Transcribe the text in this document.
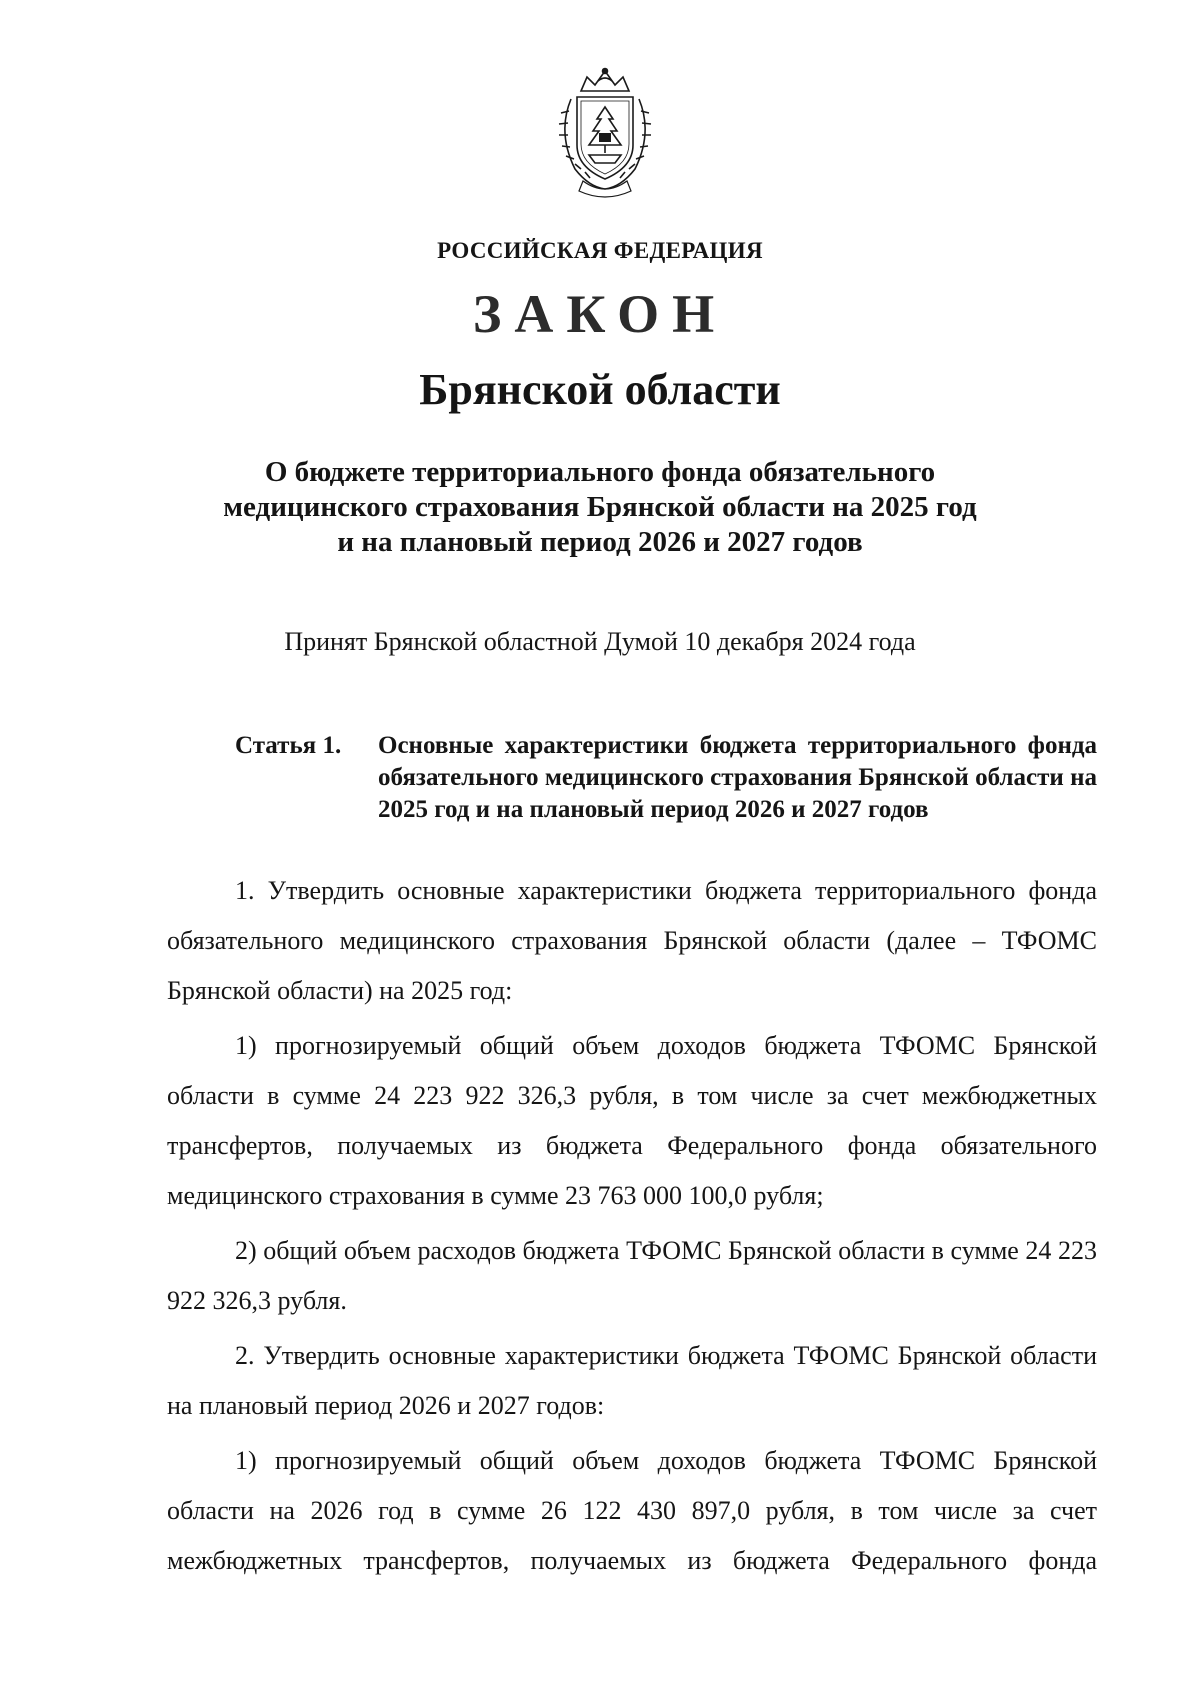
РОССИЙСКАЯ ФЕДЕРАЦИЯ
ЗАКОН
Брянской области
О бюджете территориального фонда обязательного
медицинского страхования Брянской области на 2025 год
и на плановый период 2026 и 2027 годов
Принят Брянской областной Думой 10 декабря 2024 года
Статья 1. Основные характеристики бюджета территориального фонда обязательного медицинского страхования Брянской области на 2025 год и на плановый период 2026 и 2027 годов

1. Утвердить основные характеристики бюджета территориального фонда обязательного медицинского страхования Брянской области (далее – ТФОМС Брянской области) на 2025 год:

1) прогнозируемый общий объем доходов бюджета ТФОМС Брянской области в сумме 24 223 922 326,3 рубля, в том числе за счет межбюджетных трансфертов, получаемых из бюджета Федерального фонда обязательного медицинского страхования в сумме 23 763 000 100,0 рубля;

2) общий объем расходов бюджета ТФОМС Брянской области в сумме 24 223 922 326,3 рубля.

2. Утвердить основные характеристики бюджета ТФОМС Брянской области на плановый период 2026 и 2027 годов:

1) прогнозируемый общий объем доходов бюджета ТФОМС Брянской области на 2026 год в сумме 26 122 430 897,0 рубля, в том числе за счет межбюджетных трансфертов, получаемых из бюджета Федерального фонда
